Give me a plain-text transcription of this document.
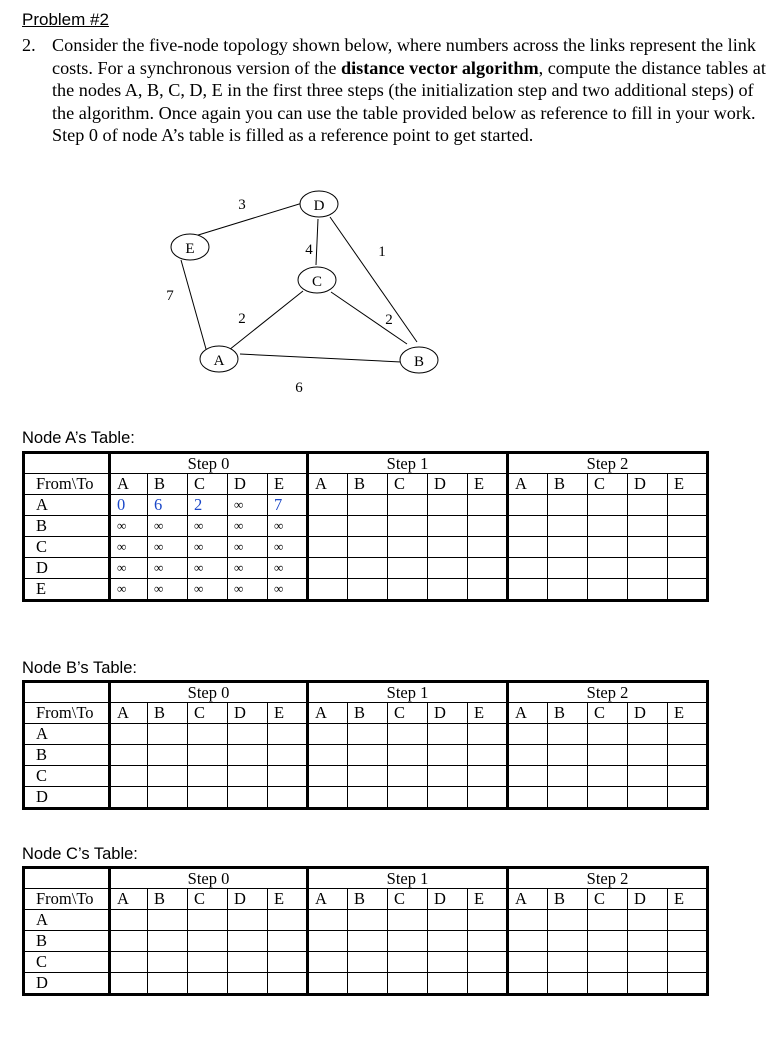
Problem #2
2. Consider the five-node topology shown below, where numbers across the links represent the link costs. For a synchronous version of the distance vector algorithm, compute the distance tables at the nodes A, B, C, D, E in the first three steps (the initialization step and two additional steps) of the algorithm. Once again you can use the table provided below as reference to fill in your work. Step 0 of node A’s table is filled as a reference point to get started.
D
E
C
A	B
3
7
2
4	1
2
6
Node A’s Table:
	Step 0					Step 1					Step 2				
From\To	A	B	C	D	E	A	B	C	D	E	A	B	C	D	E
A	0	6	2	∞	7										
B	∞	∞	∞	∞	∞										
C	∞	∞	∞	∞	∞										
D	∞	∞	∞	∞	∞										
E	∞	∞	∞	∞	∞										
Node B’s Table:
	Step 0					Step 1					Step 2				
From\To	A	B	C	D	E	A	B	C	D	E	A	B	C	D	E
A															
B															
C															
D															
Node C’s Table:
	Step 0					Step 1					Step 2				
From\To	A	B	C	D	E	A	B	C	D	E	A	B	C	D	E
A															
B															
C															
D															
